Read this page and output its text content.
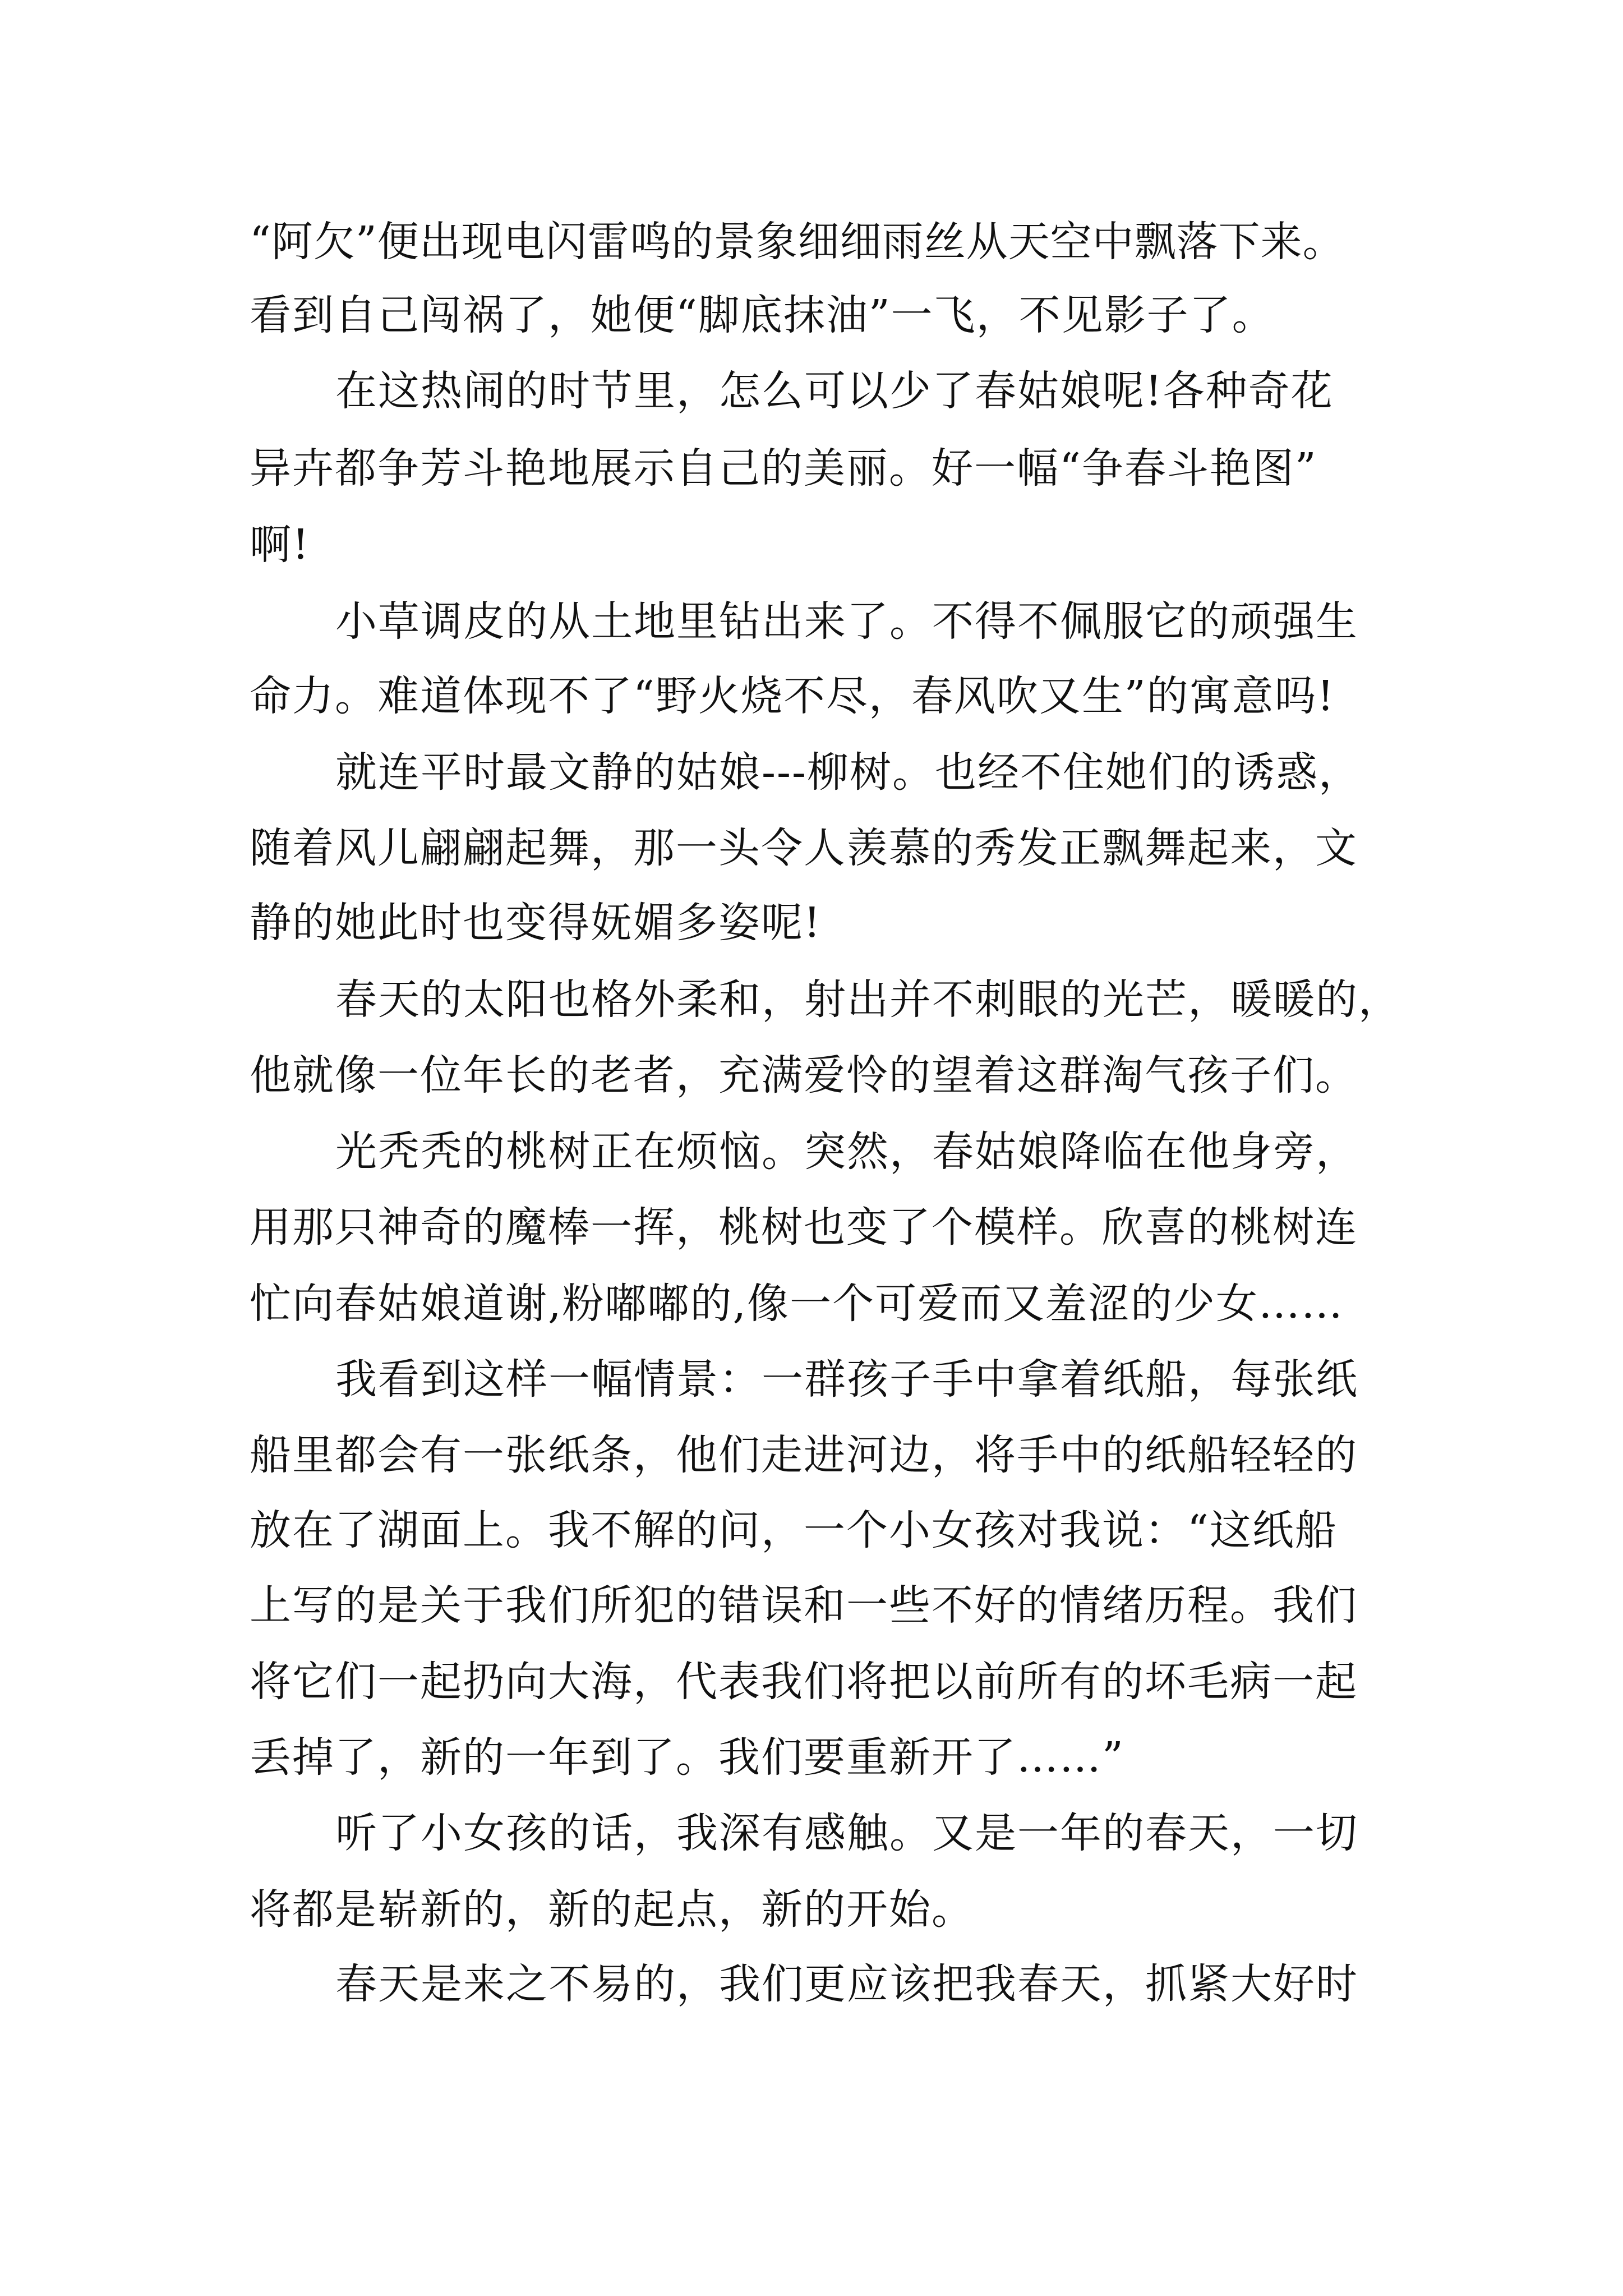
“阿欠”便出现电闪雷鸣的景象细细雨丝从天空中飘落下来。
看到自己闯祸了，她便“脚底抹油”一飞，不见影子了。
在这热闹的时节里，怎么可以少了春姑娘呢!各种奇花
异卉都争芳斗艳地展示自己的美丽。好一幅“争春斗艳图”
啊!
小草调皮的从土地里钻出来了。不得不佩服它的顽强生
命力。难道体现不了“野火烧不尽，春风吹又生”的寓意吗!
就连平时最文静的姑娘---柳树。也经不住她们的诱惑，
随着风儿翩翩起舞，那一头令人羡慕的秀发正飘舞起来，文
静的她此时也变得妩媚多姿呢!
春天的太阳也格外柔和，射出并不刺眼的光芒，暖暖的，
他就像一位年长的老者，充满爱怜的望着这群淘气孩子们。
光秃秃的桃树正在烦恼。突然，春姑娘降临在他身旁，
用那只神奇的魔棒一挥，桃树也变了个模样。欣喜的桃树连
忙向春姑娘道谢,粉嘟嘟的,像一个可爱而又羞涩的少女……
我看到这样一幅情景：一群孩子手中拿着纸船，每张纸
船里都会有一张纸条，他们走进河边，将手中的纸船轻轻的
放在了湖面上。我不解的问，一个小女孩对我说：“这纸船
上写的是关于我们所犯的错误和一些不好的情绪历程。我们
将它们一起扔向大海，代表我们将把以前所有的坏毛病一起
丢掉了，新的一年到了。我们要重新开了……”
听了小女孩的话，我深有感触。又是一年的春天，一切
将都是崭新的，新的起点，新的开始。
春天是来之不易的，我们更应该把我春天，抓紧大好时
